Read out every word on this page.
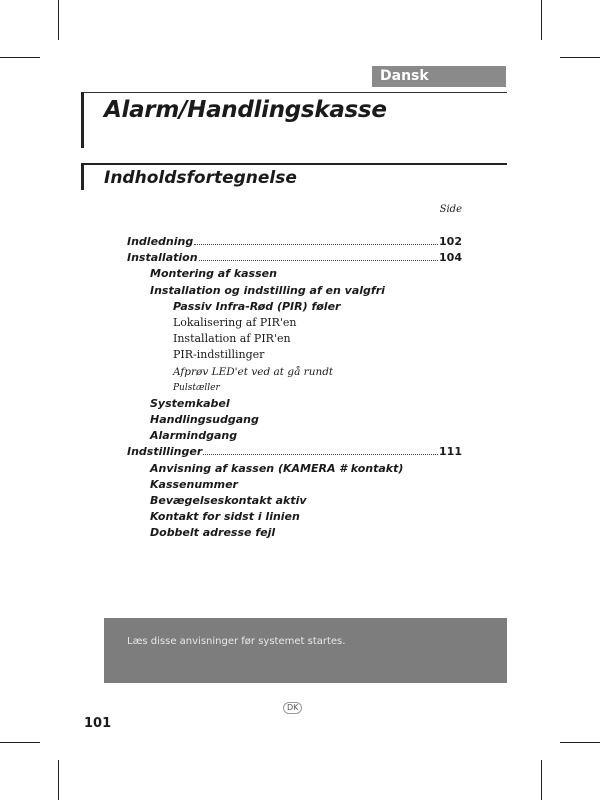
Dansk
Alarm/Handlingskasse
Indholdsfortegnelse
Side
Indledning	102
Installation	104
Montering af kassen
Installation og indstilling af en valgfri
Passiv Infra-Rød (PIR) føler
Lokalisering af PIR'en
Installation af PIR'en
PIR-indstillinger
Afprøv LED'et ved at gå rundt
Pulstæller
Systemkabel
Handlingsudgang
Alarmindgang
Indstillinger	111
Anvisning af kassen (KAMERA # kontakt)
Kassenummer
Bevægelseskontakt aktiv
Kontakt for sidst i linien
Dobbelt adresse fejl
Læs disse anvisninger før systemet startes.
DK
101
